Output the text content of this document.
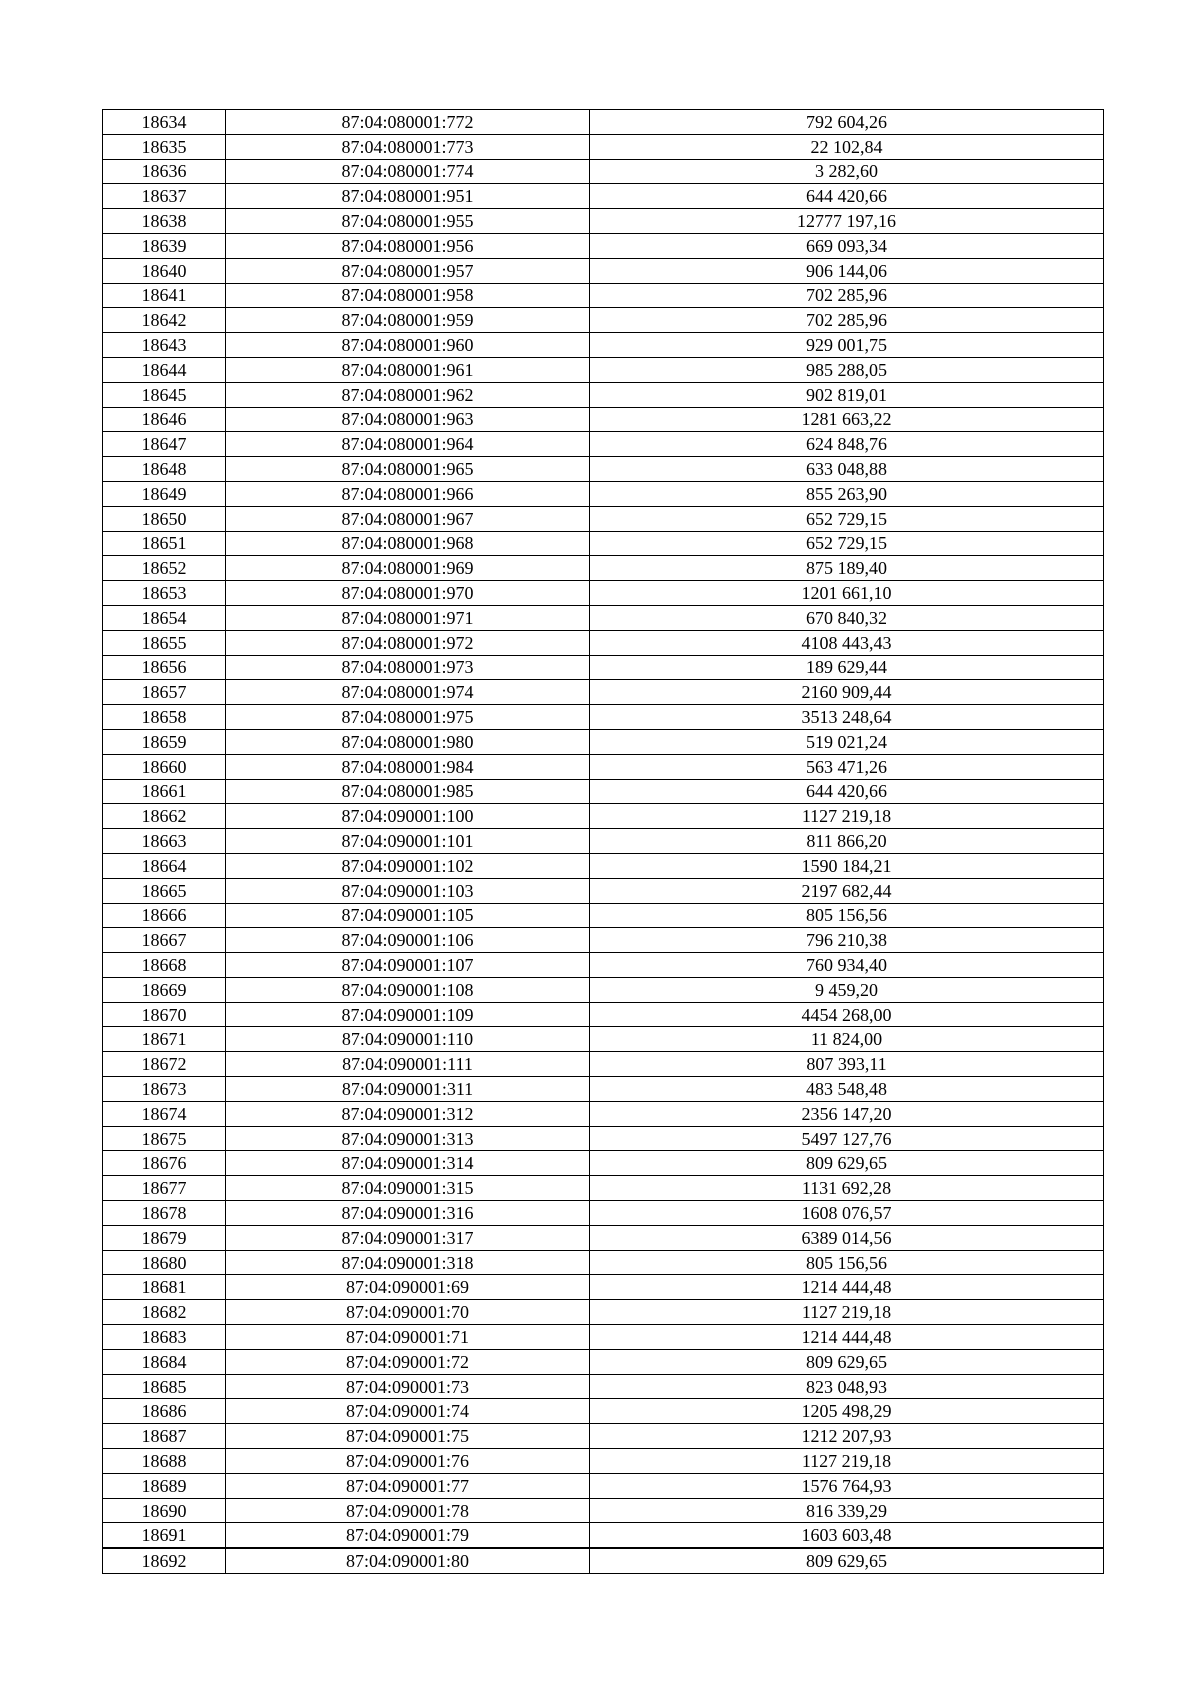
18634	87:04:080001:772	792 604,26
18635	87:04:080001:773	22 102,84
18636	87:04:080001:774	3 282,60
18637	87:04:080001:951	644 420,66
18638	87:04:080001:955	12777 197,16
18639	87:04:080001:956	669 093,34
18640	87:04:080001:957	906 144,06
18641	87:04:080001:958	702 285,96
18642	87:04:080001:959	702 285,96
18643	87:04:080001:960	929 001,75
18644	87:04:080001:961	985 288,05
18645	87:04:080001:962	902 819,01
18646	87:04:080001:963	1281 663,22
18647	87:04:080001:964	624 848,76
18648	87:04:080001:965	633 048,88
18649	87:04:080001:966	855 263,90
18650	87:04:080001:967	652 729,15
18651	87:04:080001:968	652 729,15
18652	87:04:080001:969	875 189,40
18653	87:04:080001:970	1201 661,10
18654	87:04:080001:971	670 840,32
18655	87:04:080001:972	4108 443,43
18656	87:04:080001:973	189 629,44
18657	87:04:080001:974	2160 909,44
18658	87:04:080001:975	3513 248,64
18659	87:04:080001:980	519 021,24
18660	87:04:080001:984	563 471,26
18661	87:04:080001:985	644 420,66
18662	87:04:090001:100	1127 219,18
18663	87:04:090001:101	811 866,20
18664	87:04:090001:102	1590 184,21
18665	87:04:090001:103	2197 682,44
18666	87:04:090001:105	805 156,56
18667	87:04:090001:106	796 210,38
18668	87:04:090001:107	760 934,40
18669	87:04:090001:108	9 459,20
18670	87:04:090001:109	4454 268,00
18671	87:04:090001:110	11 824,00
18672	87:04:090001:111	807 393,11
18673	87:04:090001:311	483 548,48
18674	87:04:090001:312	2356 147,20
18675	87:04:090001:313	5497 127,76
18676	87:04:090001:314	809 629,65
18677	87:04:090001:315	1131 692,28
18678	87:04:090001:316	1608 076,57
18679	87:04:090001:317	6389 014,56
18680	87:04:090001:318	805 156,56
18681	87:04:090001:69	1214 444,48
18682	87:04:090001:70	1127 219,18
18683	87:04:090001:71	1214 444,48
18684	87:04:090001:72	809 629,65
18685	87:04:090001:73	823 048,93
18686	87:04:090001:74	1205 498,29
18687	87:04:090001:75	1212 207,93
18688	87:04:090001:76	1127 219,18
18689	87:04:090001:77	1576 764,93
18690	87:04:090001:78	816 339,29
18691	87:04:090001:79	1603 603,48
18692	87:04:090001:80	809 629,65
